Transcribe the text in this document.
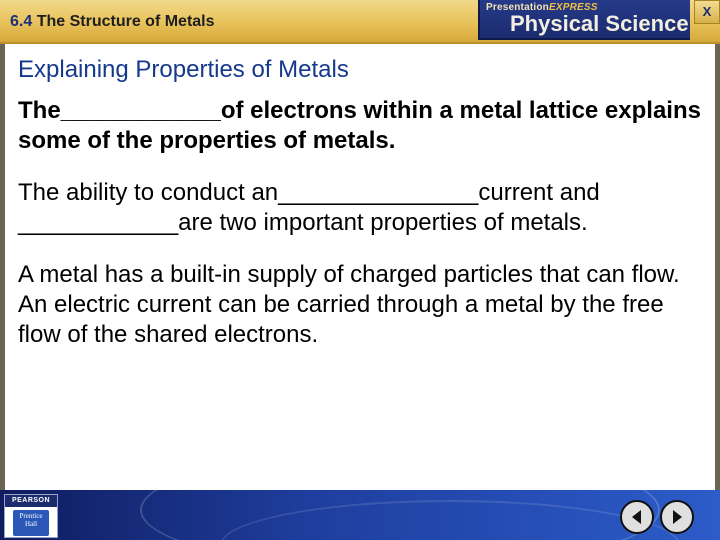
6.4 The Structure of Metals
PresentationEXPRESS
Physical Science	X
Explaining Properties of Metals

The____________of electrons within a metal lattice explains some of the properties of metals.

The ability to conduct an_______________current and ____________are two important properties of metals.

A metal has a built-in supply of charged particles that can flow. An electric current can be carried through a metal by the free flow of the shared electrons.

PEARSON
Prentice
Hall
